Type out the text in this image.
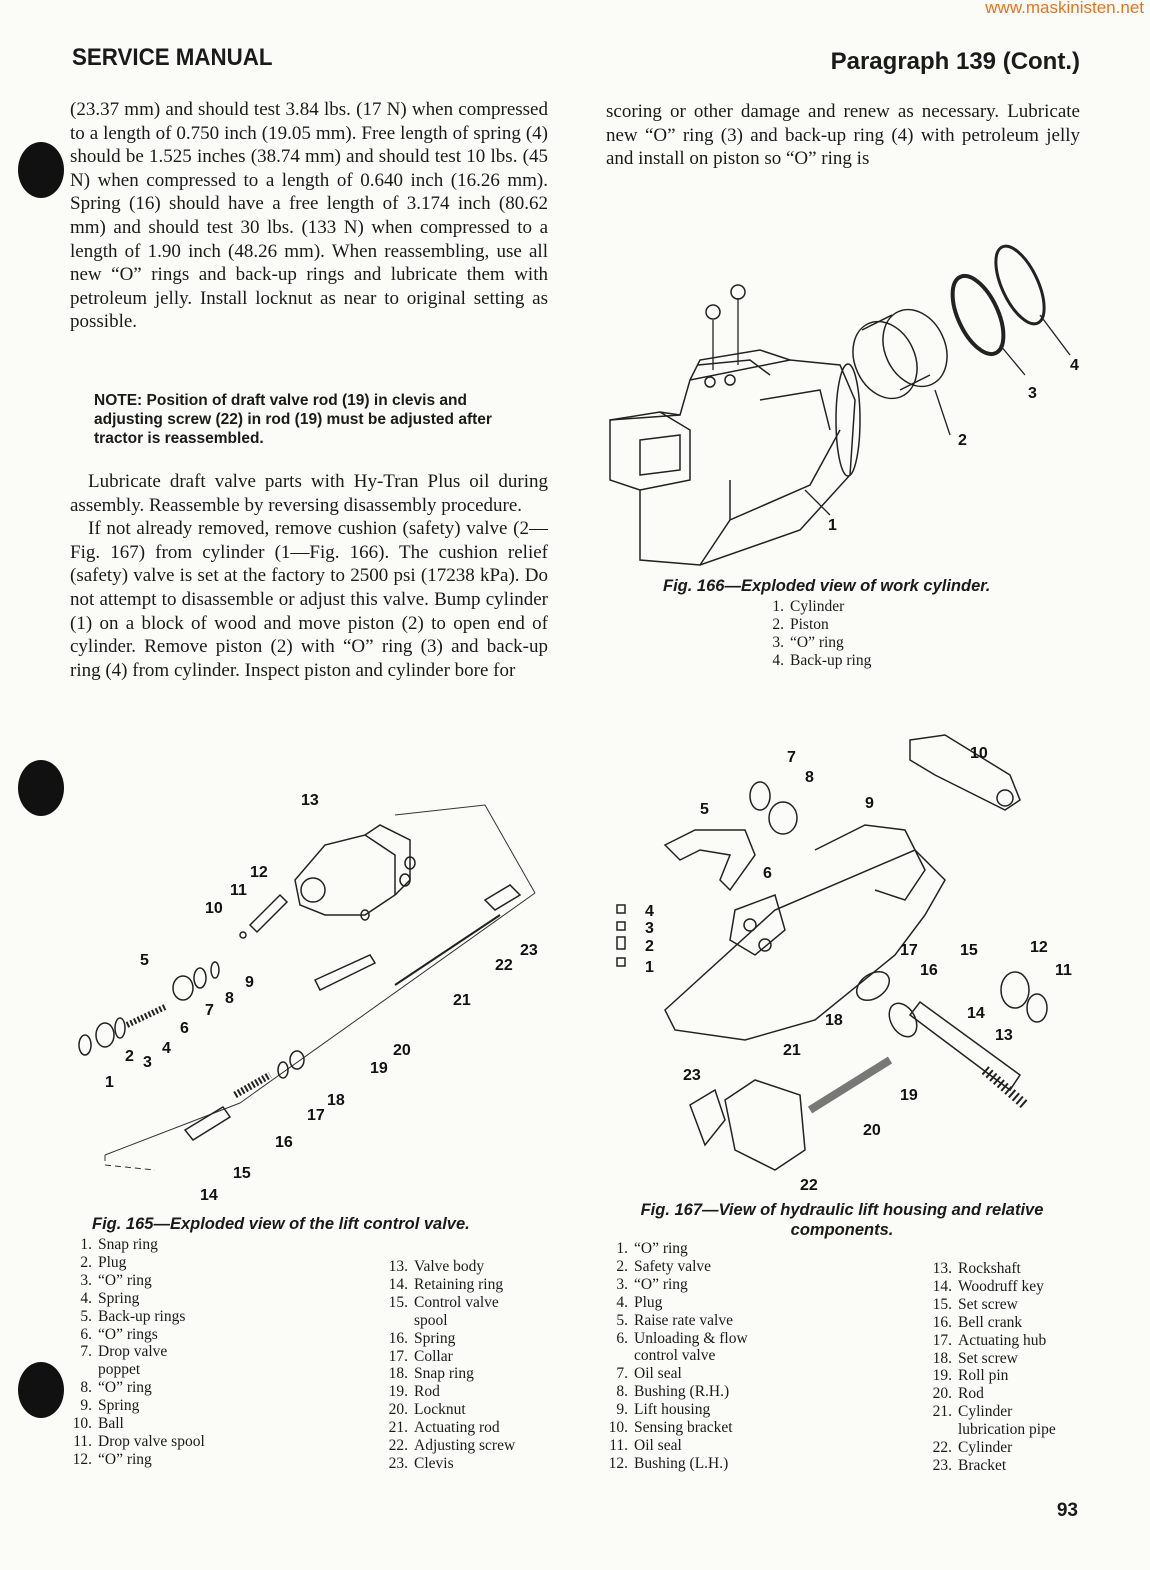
www.maskinisten.net
SERVICE MANUAL	Paragraph 139 (Cont.)

(23.37 mm) and should test 3.84 lbs. (17 N) when compressed to a length of 0.750 inch (19.05 mm). Free length of spring (4) should be 1.525 inches (38.74 mm) and should test 10 lbs. (45 N) when compressed to a length of 0.640 inch (16.26 mm). Spring (16) should have a free length of 3.174 inch (80.62 mm) and should test 30 lbs. (133 N) when compressed to a length of 1.90 inch (48.26 mm). When reassembling, use all new “O” rings and back-up rings and lubricate them with petroleum jelly. Install locknut as near to original setting as possible.

NOTE: Position of draft valve rod (19) in clevis and adjusting screw (22) in rod (19) must be adjusted after tractor is reassembled.

Lubricate draft valve parts with Hy-Tran Plus oil during assembly. Reassemble by reversing disassembly procedure.

If not already removed, remove cushion (safety) valve (2—Fig. 167) from cylinder (1—Fig. 166). The cushion relief (safety) valve is set at the factory to 2500 psi (17238 kPa). Do not attempt to disassemble or adjust this valve. Bump cylinder (1) on a block of wood and move piston (2) to open end of cylinder. Remove piston (2) with “O” ring (3) and back-up ring (4) from cylinder. Inspect piston and cylinder bore for

scoring or other damage and renew as necessary. Lubricate new “O” ring (3) and back-up ring (4) with petroleum jelly and install on piston so “O” ring is

1
2
3
4
Fig. 166—Exploded view of work cylinder.
1. Cylinder
2. Piston
3. “O” ring
4. Back-up ring
13
12
11
10
9
8
7
6
5
4
3
2
1
23
22
21
20
19
18
17
16
15
14
Fig. 165—Exploded view of the lift control valve.
1. Snap ring
2. Plug
3. “O” ring
4. Spring
5. Back-up rings
6. “O” rings
7. Drop valve poppet
8. “O” ring
9. Spring
10. Ball
11. Drop valve spool
12. “O” ring
13. Valve body
14. Retaining ring
15. Control valve spool
16. Spring
17. Collar
18. Snap ring
19. Rod
20. Locknut
21. Actuating rod
22. Adjusting screw
23. Clevis
10
7
8
5	9
6
4
3
2
1
17
16
15	12
11
18	14
13
21
23
19
20
22
Fig. 167—View of hydraulic lift housing and relative components.
1. “O” ring
2. Safety valve
3. “O” ring
4. Plug
5. Raise rate valve
6. Unloading & flow control valve
7. Oil seal
8. Bushing (R.H.)
9. Lift housing
10. Sensing bracket
11. Oil seal
12. Bushing (L.H.)
13. Rockshaft
14. Woodruff key
15. Set screw
16. Bell crank
17. Actuating hub
18. Set screw
19. Roll pin
20. Rod
21. Cylinder lubrication pipe
22. Cylinder
23. Bracket
93
